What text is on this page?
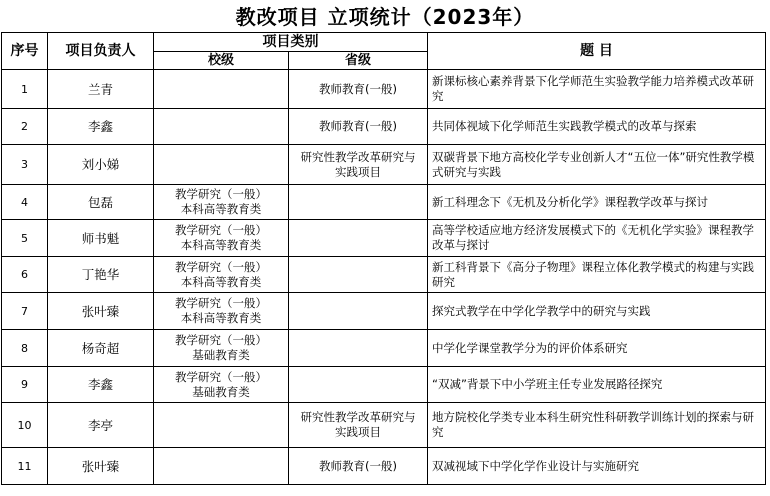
教改项目 立项统计（2023年）
序号	项目负责人	项目类别		题 目
		校级	省级	
1	兰青		教师教育(一般)	新课标核心素养背景下化学师范生实验教学能力培养模式改革研究
2	李鑫		教师教育(一般)	共同体视域下化学师范生实践教学模式的改革与探索
3	刘小娣		研究性教学改革研究与
实践项目	双碳背景下地方高校化学专业创新人才“五位一体”研究性教学模式研究与实践
4	包磊	教学研究（一般）
本科高等教育类		新工科理念下《无机及分析化学》课程教学改革与探讨
5	师书魁	教学研究（一般）
本科高等教育类		高等学校适应地方经济发展模式下的《无机化学实验》课程教学改革与探讨
6	丁艳华	教学研究（一般）
本科高等教育类		新工科背景下《高分子物理》课程立体化教学模式的构建与实践研究
7	张叶臻	教学研究（一般）
本科高等教育类		探究式教学在中学化学教学中的研究与实践
8	杨奇超	教学研究（一般）
基础教育类		中学化学课堂教学分为的评价体系研究
9	李鑫	教学研究（一般）
基础教育类		“双减”背景下中小学班主任专业发展路径探究
10	李亭		研究性教学改革研究与
实践项目	地方院校化学类专业本科生研究性科研教学训练计划的探索与研究
11	张叶臻		教师教育(一般)	双减视域下中学化学作业设计与实施研究
